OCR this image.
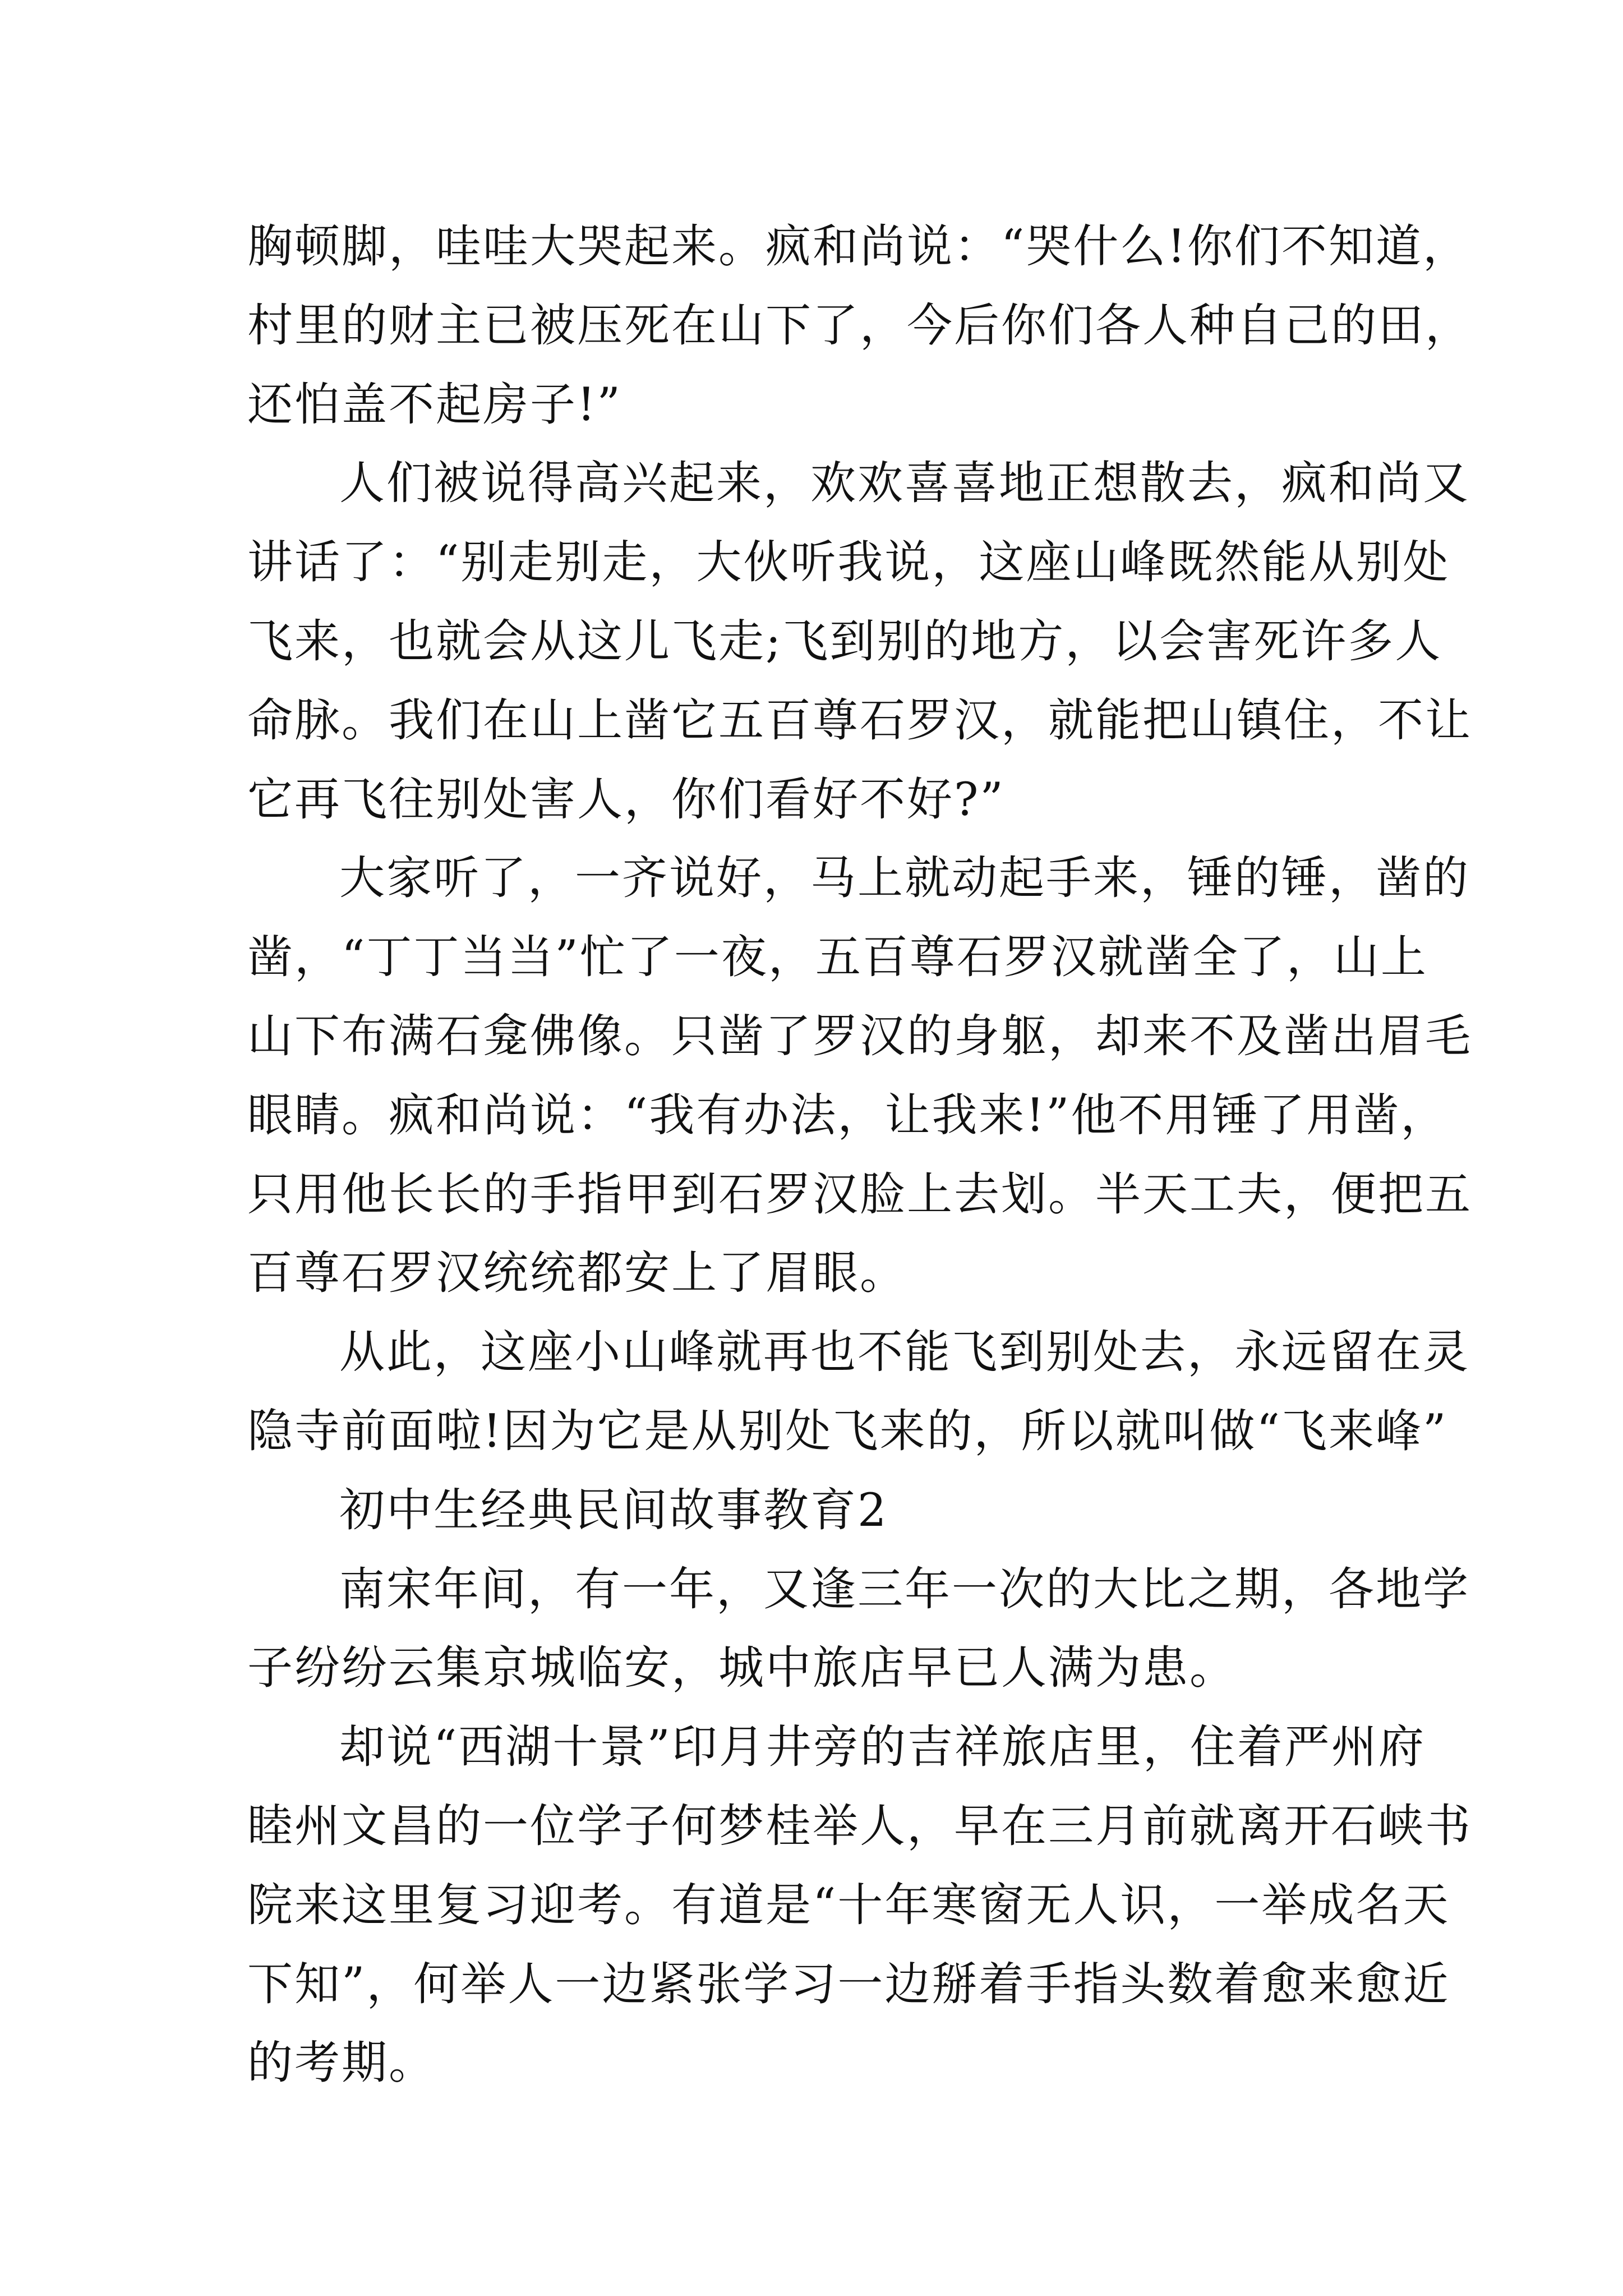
胸顿脚，哇哇大哭起来。疯和尚说：“哭什么!你们不知道，
村里的财主已被压死在山下了，今后你们各人种自己的田，
还怕盖不起房子!”
人们被说得高兴起来，欢欢喜喜地正想散去，疯和尚又
讲话了：“别走别走，大伙听我说，这座山峰既然能从别处
飞来，也就会从这儿飞走;飞到别的地方，以会害死许多人
命脉。我们在山上凿它五百尊石罗汉，就能把山镇住，不让
它再飞往别处害人，你们看好不好?”
大家听了，一齐说好，马上就动起手来，锤的锤，凿的
凿，“丁丁当当”忙了一夜，五百尊石罗汉就凿全了，山上
山下布满石龛佛像。只凿了罗汉的身躯，却来不及凿出眉毛
眼睛。疯和尚说：“我有办法，让我来!”他不用锤了用凿，
只用他长长的手指甲到石罗汉脸上去划。半天工夫，便把五
百尊石罗汉统统都安上了眉眼。
从此，这座小山峰就再也不能飞到别处去，永远留在灵
隐寺前面啦!因为它是从别处飞来的，所以就叫做“飞来峰”
初中生经典民间故事教育2
南宋年间，有一年，又逢三年一次的大比之期，各地学
子纷纷云集京城临安，城中旅店早已人满为患。
却说“西湖十景”印月井旁的吉祥旅店里，住着严州府
睦州文昌的一位学子何梦桂举人，早在三月前就离开石峡书
院来这里复习迎考。有道是“十年寒窗无人识，一举成名天
下知”，何举人一边紧张学习一边掰着手指头数着愈来愈近
的考期。
